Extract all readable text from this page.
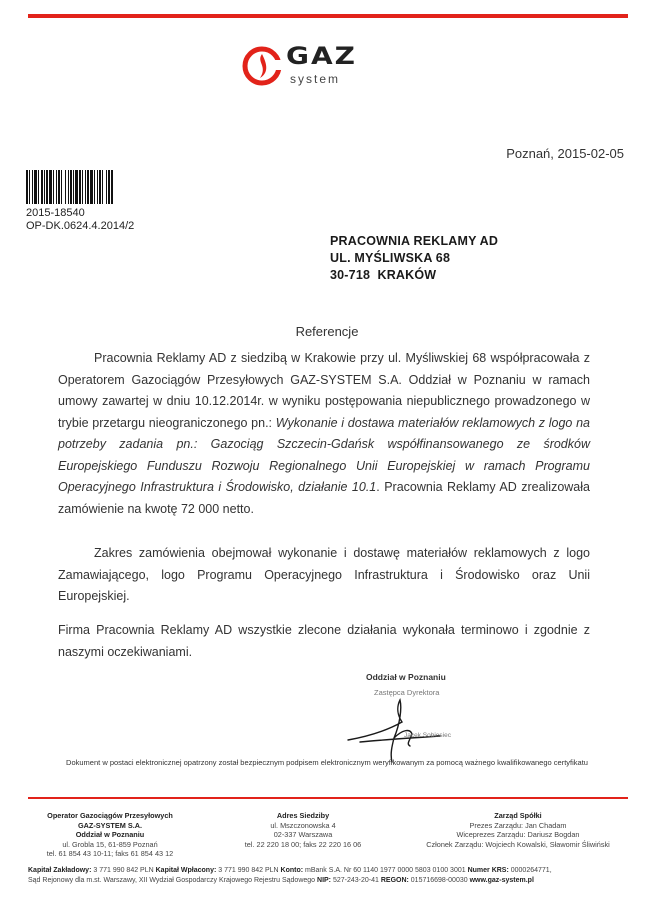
GAZ
system
Poznań, 2015-02-05
2015-18540
OP-DK.0624.4.2014/2
PRACOWNIA REKLAMY AD
UL. MYŚLIWSKA 68
30-718  KRAKÓW
Referencje
Pracownia Reklamy AD z siedzibą w Krakowie przy ul. Myśliwskiej 68 współpracowała z Operatorem Gazociągów Przesyłowych GAZ-SYSTEM S.A. Oddział w Poznaniu w ramach umowy zawartej w dniu 10.12.2014r. w wyniku postępowania niepublicznego prowadzonego w trybie przetargu nieograniczonego pn.: Wykonanie i dostawa materiałów reklamowych z logo na potrzeby zadania pn.: Gazociąg Szczecin-Gdańsk współfinansowanego ze środków Europejskiego Funduszu Rozwoju Regionalnego Unii Europejskiej w ramach Programu Operacyjnego Infrastruktura i Środowisko, działanie 10.1. Pracownia Reklamy AD zrealizowała zamówienie na kwotę 72 000 netto.
Zakres zamówienia obejmował wykonanie i dostawę materiałów reklamowych z logo Zamawiającego, logo Programu Operacyjnego Infrastruktura i Środowisko oraz Unii Europejskiej.
Firma Pracownia Reklamy AD wszystkie zlecone działania wykonała terminowo i zgodnie z naszymi oczekiwaniami.
Oddział w Poznaniu
Zastępca Dyrektora
Jacek Sobiesiec
Dokument w postaci elektronicznej opatrzony został bezpiecznym podpisem elektronicznym weryfikowanym za pomocą ważnego kwalifikowanego certyfikatu
Operator Gazociągów Przesyłowych
GAZ-SYSTEM S.A.
Oddział w Poznaniu
ul. Grobla 15, 61-859 Poznań
tel. 61 854 43 10-11; faks 61 854 43 12
Adres Siedziby
ul. Mszczonowska 4
02-337 Warszawa
tel. 22 220 18 00; faks 22 220 16 06
Zarząd Spółki
Prezes Zarządu: Jan Chadam
Wiceprezes Zarządu: Dariusz Bogdan
Członek Zarządu: Wojciech Kowalski, Sławomir Śliwiński
Kapitał Zakładowy: 3 771 990 842 PLN Kapitał Wpłacony: 3 771 990 842 PLN Konto: mBank S.A. Nr 60 1140 1977 0000 5803 0100 3001 Numer KRS: 0000264771,
Sąd Rejonowy dla m.st. Warszawy, XII Wydział Gospodarczy Krajowego Rejestru Sądowego NIP: 527-243-20-41 REGON: 015716698-00030 www.gaz-system.pl
